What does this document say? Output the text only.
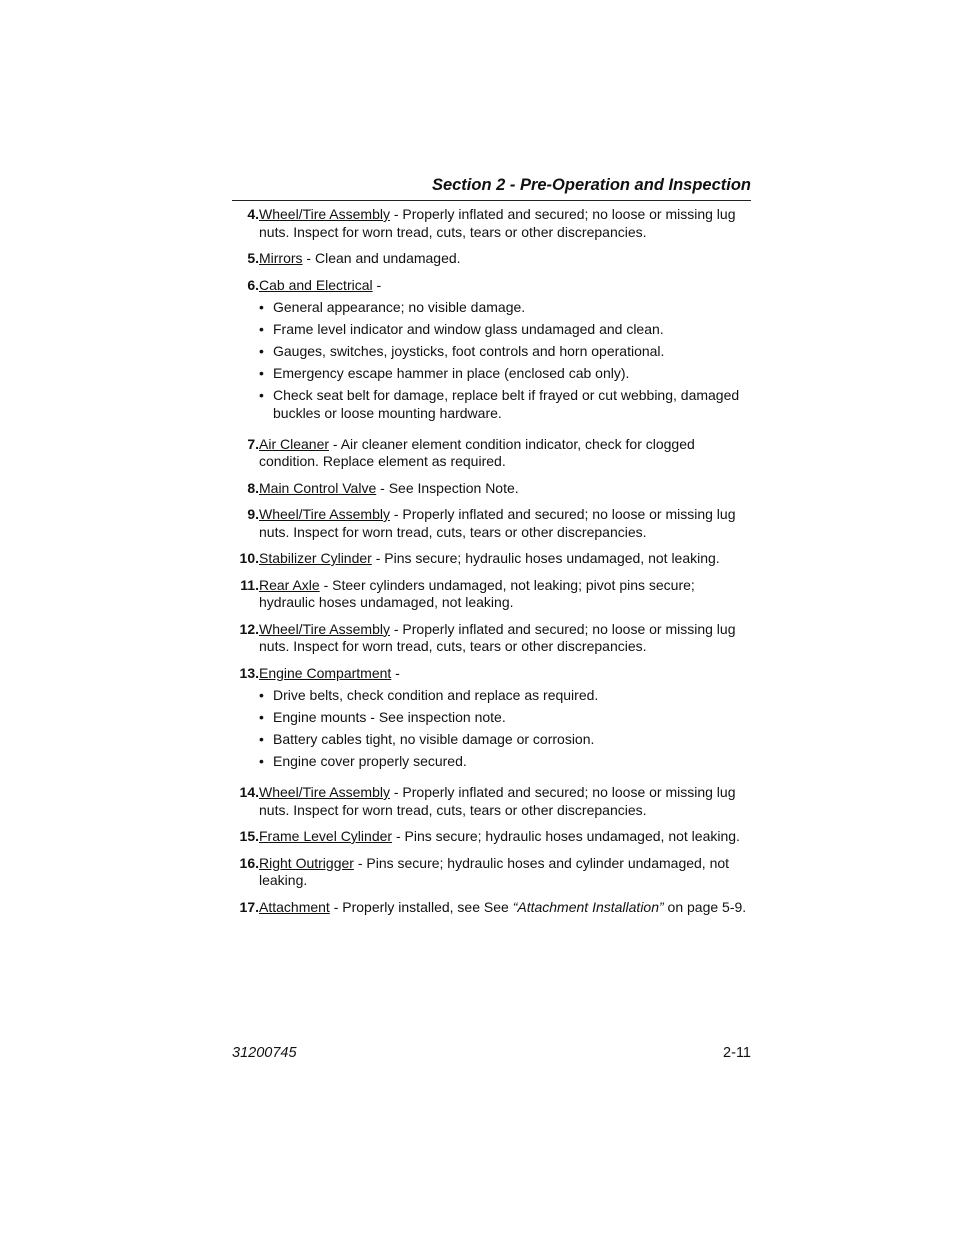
Section 2 - Pre-Operation and Inspection
4. Wheel/Tire Assembly - Properly inflated and secured; no loose or missing lug nuts. Inspect for worn tread, cuts, tears or other discrepancies.
5. Mirrors - Clean and undamaged.
6. Cab and Electrical -
• General appearance; no visible damage.
• Frame level indicator and window glass undamaged and clean.
• Gauges, switches, joysticks, foot controls and horn operational.
• Emergency escape hammer in place (enclosed cab only).
• Check seat belt for damage, replace belt if frayed or cut webbing, damaged buckles or loose mounting hardware.
7. Air Cleaner - Air cleaner element condition indicator, check for clogged condition. Replace element as required.
8. Main Control Valve - See Inspection Note.
9. Wheel/Tire Assembly - Properly inflated and secured; no loose or missing lug nuts. Inspect for worn tread, cuts, tears or other discrepancies.
10. Stabilizer Cylinder - Pins secure; hydraulic hoses undamaged, not leaking.
11. Rear Axle - Steer cylinders undamaged, not leaking; pivot pins secure; hydraulic hoses undamaged, not leaking.
12. Wheel/Tire Assembly - Properly inflated and secured; no loose or missing lug nuts. Inspect for worn tread, cuts, tears or other discrepancies.
13. Engine Compartment -
• Drive belts, check condition and replace as required.
• Engine mounts - See inspection note.
• Battery cables tight, no visible damage or corrosion.
• Engine cover properly secured.
14. Wheel/Tire Assembly - Properly inflated and secured; no loose or missing lug nuts. Inspect for worn tread, cuts, tears or other discrepancies.
15. Frame Level Cylinder - Pins secure; hydraulic hoses undamaged, not leaking.
16. Right Outrigger - Pins secure; hydraulic hoses and cylinder undamaged, not leaking.
17. Attachment - Properly installed, see See “Attachment Installation” on page 5-9.
31200745	2-11
